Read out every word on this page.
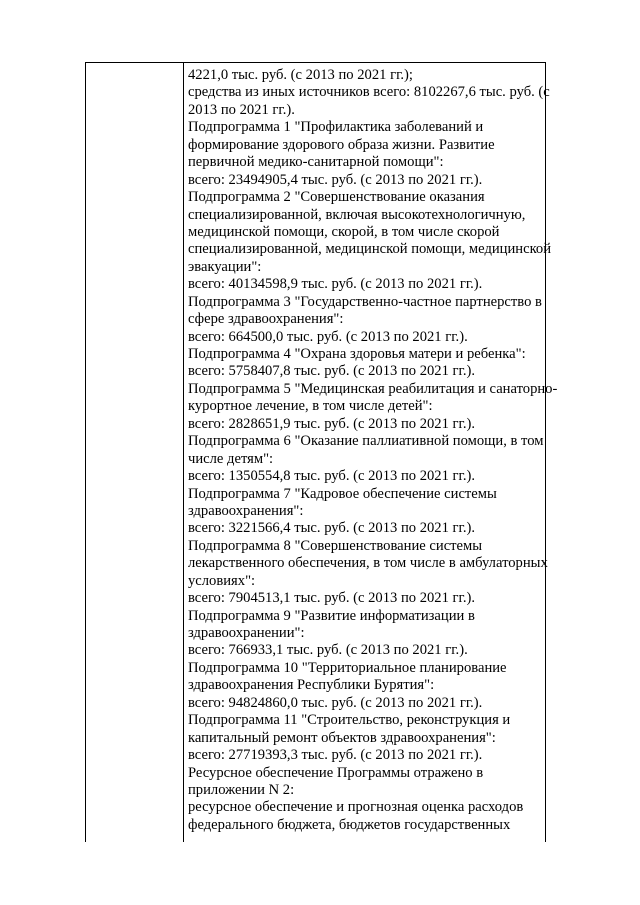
4221,0 тыс. руб. (с 2013 по 2021 гг.);
средства из иных источников всего: 8102267,6 тыс. руб. (с
2013 по 2021 гг.).
Подпрограмма 1 "Профилактика заболеваний и
формирование здорового образа жизни. Развитие
первичной медико-санитарной помощи":
всего: 23494905,4 тыс. руб. (с 2013 по 2021 гг.).
Подпрограмма 2 "Совершенствование оказания
специализированной, включая высокотехнологичную,
медицинской помощи, скорой, в том числе скорой
специализированной, медицинской помощи, медицинской
эвакуации":
всего: 40134598,9 тыс. руб. (с 2013 по 2021 гг.).
Подпрограмма 3 "Государственно-частное партнерство в
сфере здравоохранения":
всего: 664500,0 тыс. руб. (с 2013 по 2021 гг.).
Подпрограмма 4 "Охрана здоровья матери и ребенка":
всего: 5758407,8 тыс. руб. (с 2013 по 2021 гг.).
Подпрограмма 5 "Медицинская реабилитация и санаторно-
курортное лечение, в том числе детей":
всего: 2828651,9 тыс. руб. (с 2013 по 2021 гг.).
Подпрограмма 6 "Оказание паллиативной помощи, в том
числе детям":
всего: 1350554,8 тыс. руб. (с 2013 по 2021 гг.).
Подпрограмма 7 "Кадровое обеспечение системы
здравоохранения":
всего: 3221566,4 тыс. руб. (с 2013 по 2021 гг.).
Подпрограмма 8 "Совершенствование системы
лекарственного обеспечения, в том числе в амбулаторных
условиях":
всего: 7904513,1 тыс. руб. (с 2013 по 2021 гг.).
Подпрограмма 9 "Развитие информатизации в
здравоохранении":
всего: 766933,1 тыс. руб. (с 2013 по 2021 гг.).
Подпрограмма 10 "Территориальное планирование
здравоохранения Республики Бурятия":
всего: 94824860,0 тыс. руб. (с 2013 по 2021 гг.).
Подпрограмма 11 "Строительство, реконструкция и
капитальный ремонт объектов здравоохранения":
всего: 27719393,3 тыс. руб. (с 2013 по 2021 гг.).
Ресурсное обеспечение Программы отражено в
приложении N 2:
ресурсное обеспечение и прогнозная оценка расходов
федерального бюджета, бюджетов государственных
